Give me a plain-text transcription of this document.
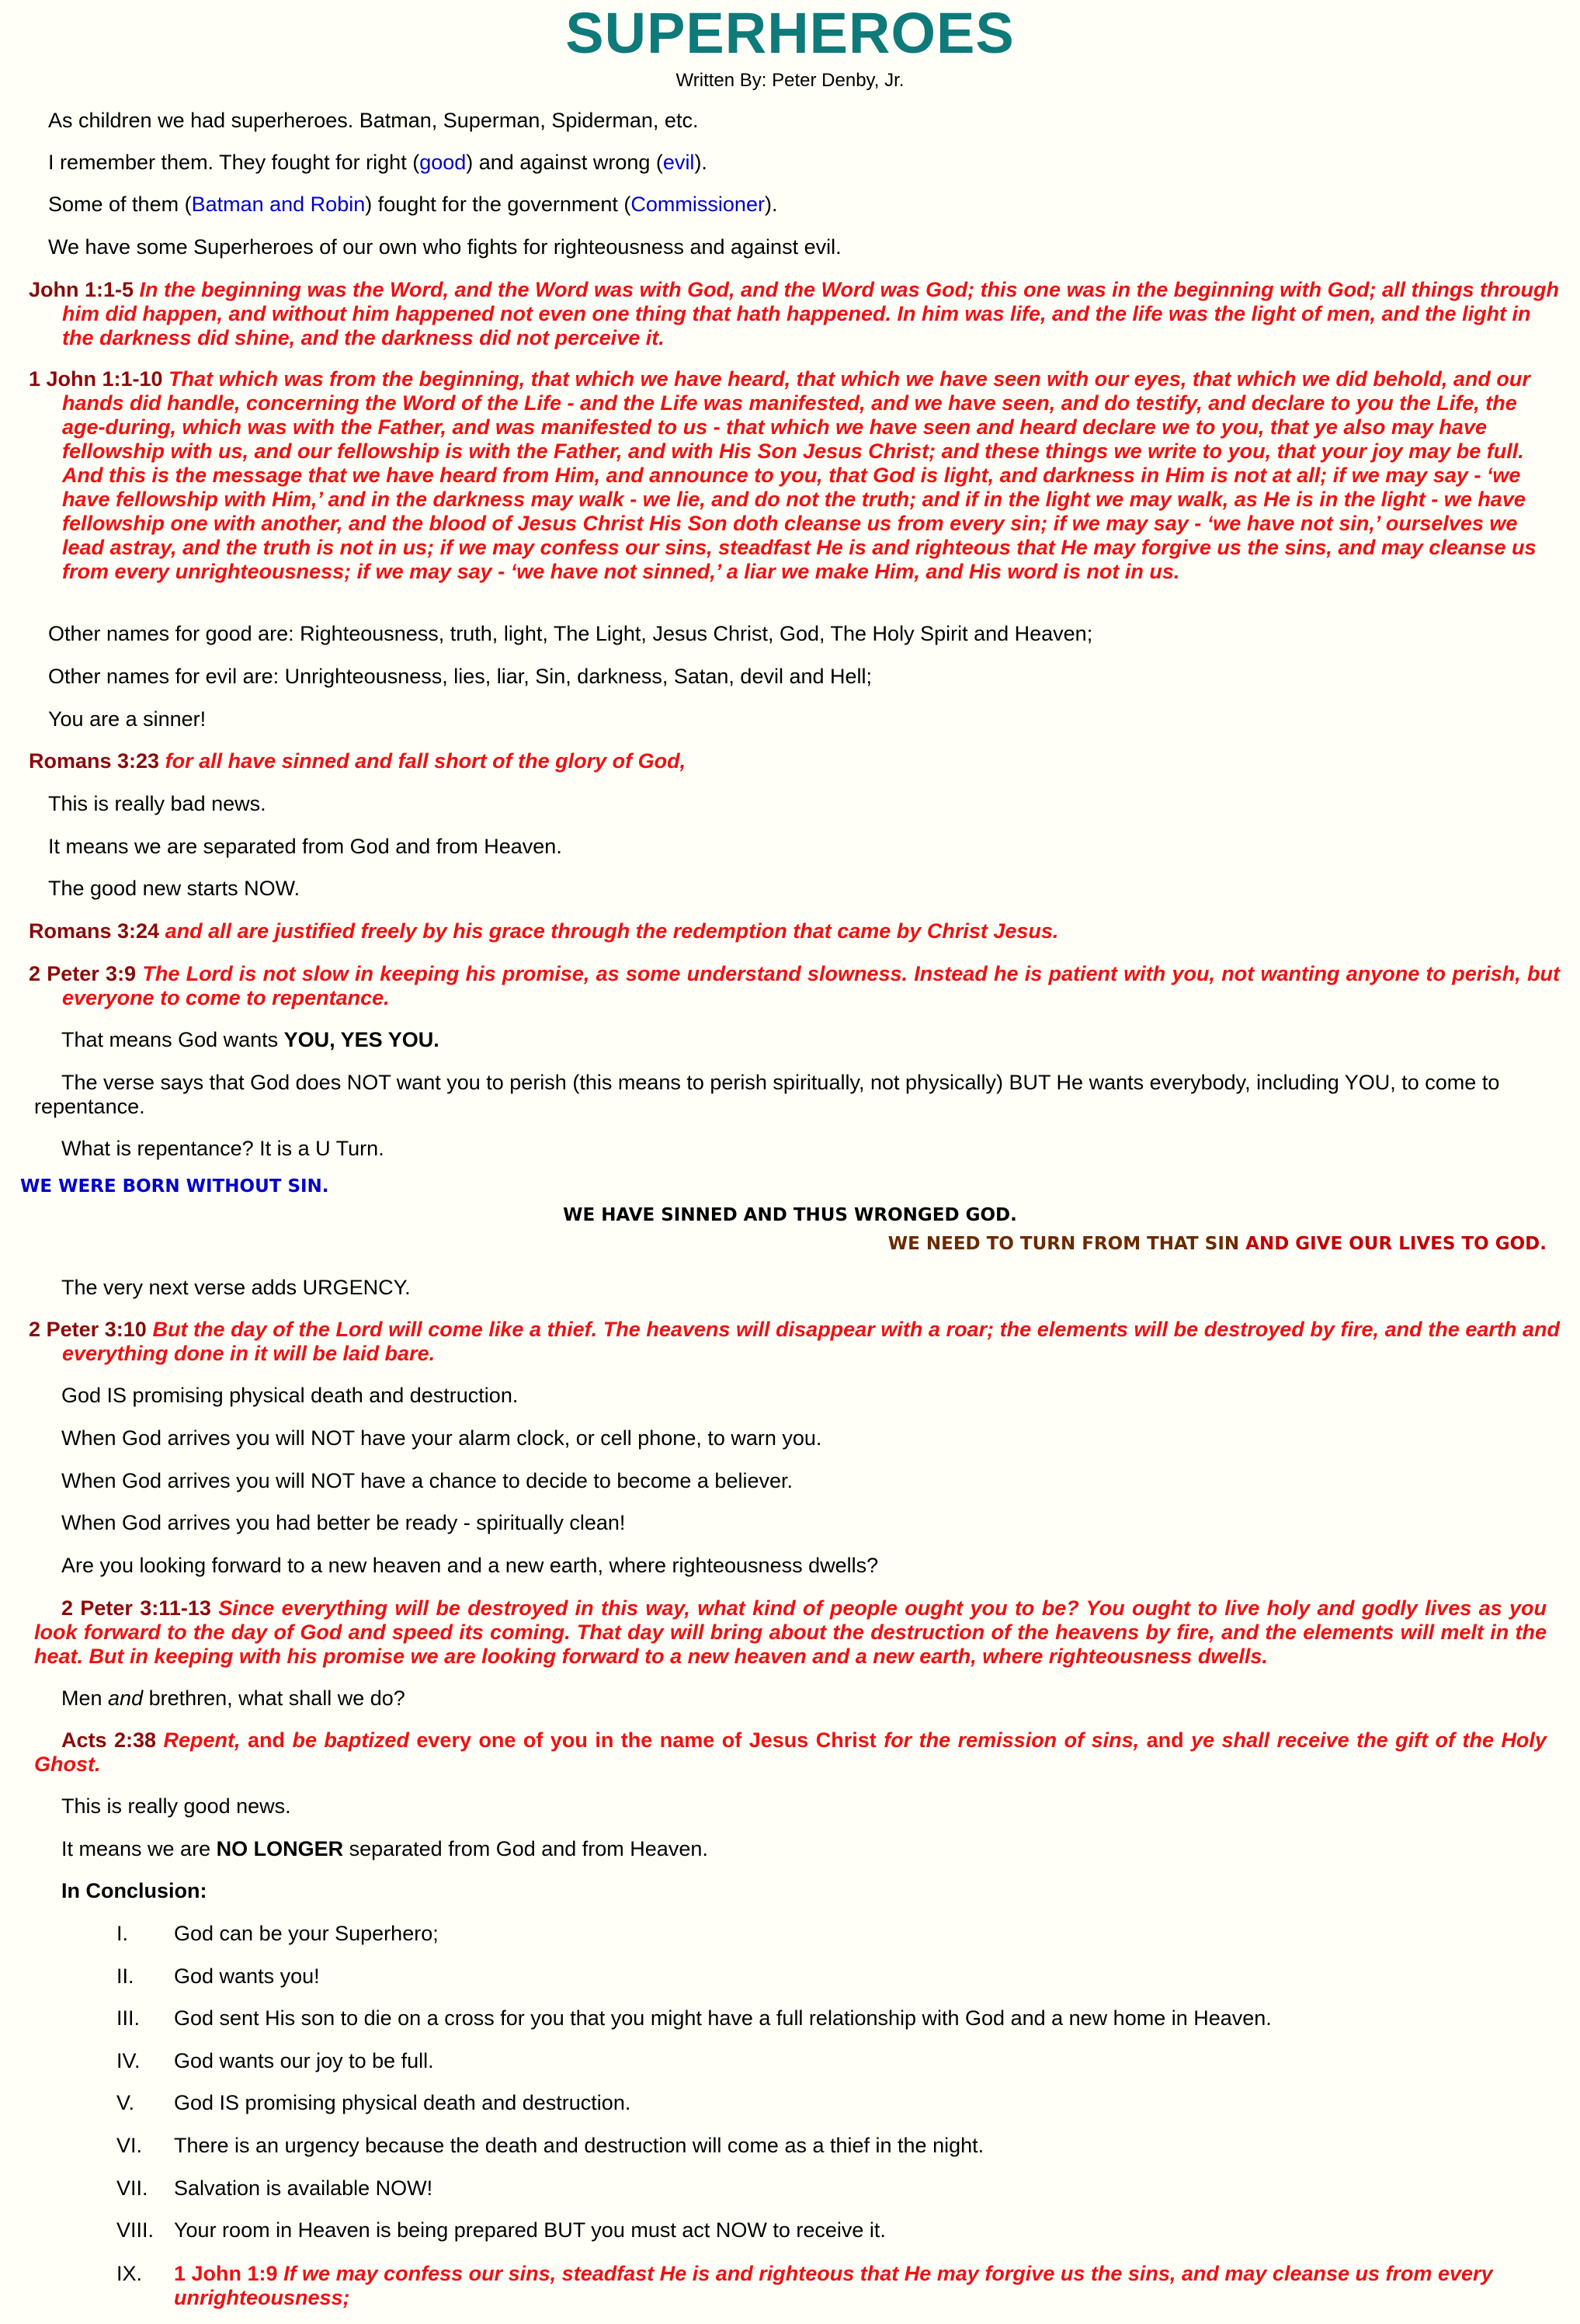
SUPERHEROES
Written By: Peter Denby, Jr.

As children we had superheroes. Batman, Superman, Spiderman, etc.

I remember them. They fought for right (good) and against wrong (evil).

Some of them (Batman and Robin) fought for the government (Commissioner).

We have some Superheroes of our own who fights for righteousness and against evil.

John 1:1-5 In the beginning was the Word, and the Word was with God, and the Word was God; this one was in the beginning with God; all things through him did happen, and without him happened not even one thing that hath happened. In him was life, and the life was the light of men, and the light in the darkness did shine, and the darkness did not perceive it.

1 John 1:1-10 That which was from the beginning, that which we have heard, that which we have seen with our eyes, that which we did behold, and our hands did handle, concerning the Word of the Life - and the Life was manifested, and we have seen, and do testify, and declare to you the Life, the age-during, which was with the Father, and was manifested to us - that which we have seen and heard declare we to you, that ye also may have fellowship with us, and our fellowship is with the Father, and with His Son Jesus Christ; and these things we write to you, that your joy may be full. And this is the message that we have heard from Him, and announce to you, that God is light, and darkness in Him is not at all; if we may say - ‘we have fellowship with Him,’ and in the darkness may walk - we lie, and do not the truth; and if in the light we may walk, as He is in the light - we have fellowship one with another, and the blood of Jesus Christ His Son doth cleanse us from every sin; if we may say - ‘we have not sin,’ ourselves we lead astray, and the truth is not in us; if we may confess our sins, steadfast He is and righteous that He may forgive us the sins, and may cleanse us from every unrighteousness; if we may say - ‘we have not sinned,’ a liar we make Him, and His word is not in us.

Other names for good are: Righteousness, truth, light, The Light, Jesus Christ, God, The Holy Spirit and Heaven;

Other names for evil are: Unrighteousness, lies, liar, Sin, darkness, Satan, devil and Hell;

You are a sinner!

Romans 3:23 for all have sinned and fall short of the glory of God,

This is really bad news.

It means we are separated from God and from Heaven.

The good new starts NOW.

Romans 3:24 and all are justified freely by his grace through the redemption that came by Christ Jesus.

2 Peter 3:9 The Lord is not slow in keeping his promise, as some understand slowness. Instead he is patient with you, not wanting anyone to perish, but everyone to come to repentance.

That means God wants YOU, YES YOU.

The verse says that God does NOT want you to perish (this means to perish spiritually, not physically) BUT He wants everybody, including YOU, to come to repentance.

What is repentance? It is a U Turn.

WE WERE BORN WITHOUT SIN.

WE HAVE SINNED AND THUS WRONGED GOD.

WE NEED TO TURN FROM THAT SIN AND GIVE OUR LIVES TO GOD.

The very next verse adds URGENCY.

2 Peter 3:10 But the day of the Lord will come like a thief. The heavens will disappear with a roar; the elements will be destroyed by fire, and the earth and everything done in it will be laid bare.

God IS promising physical death and destruction.

When God arrives you will NOT have your alarm clock, or cell phone, to warn you.

When God arrives you will NOT have a chance to decide to become a believer.

When God arrives you had better be ready - spiritually clean!

Are you looking forward to a new heaven and a new earth, where righteousness dwells?

2 Peter 3:11-13 Since everything will be destroyed in this way, what kind of people ought you to be? You ought to live holy and godly lives as you look forward to the day of God and speed its coming. That day will bring about the destruction of the heavens by fire, and the elements will melt in the heat. But in keeping with his promise we are looking forward to a new heaven and a new earth, where righteousness dwells.

Men and brethren, what shall we do?

Acts 2:38 Repent, and be baptized every one of you in the name of Jesus Christ for the remission of sins, and ye shall receive the gift of the Holy Ghost.

This is really good news.

It means we are NO LONGER separated from God and from Heaven.

In Conclusion:

I.	God can be your Superhero;
II.	God wants you!
III.	God sent His son to die on a cross for you that you might have a full relationship with God and a new home in Heaven.
IV.	God wants our joy to be full.
V.	God IS promising physical death and destruction.
VI.	There is an urgency because the death and destruction will come as a thief in the night.
VII.	Salvation is available NOW!
VIII. Your room in Heaven is being prepared BUT you must act NOW to receive it.
IX.	1 John 1:9 If we may confess our sins, steadfast He is and righteous that He may forgive us the sins, and may cleanse us from every unrighteousness;
